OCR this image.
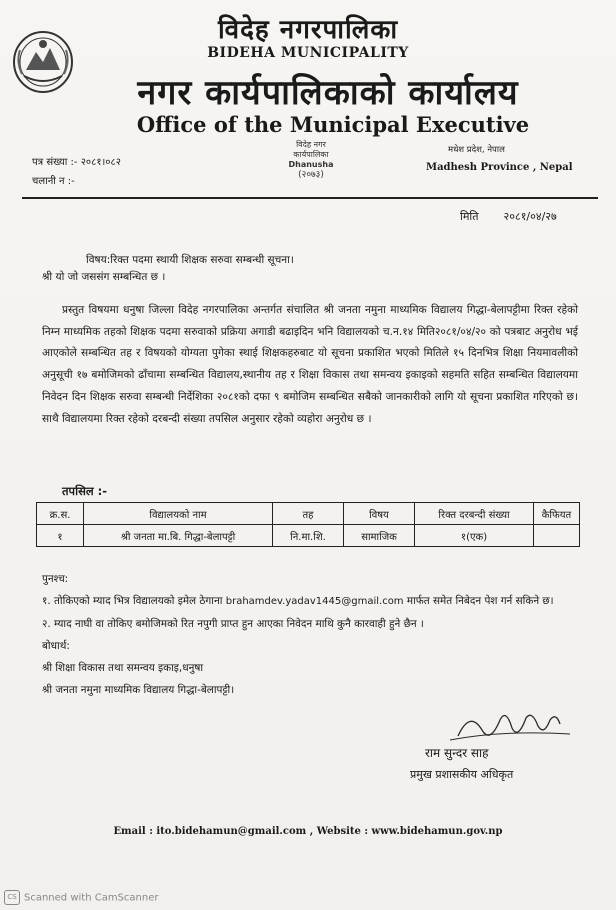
विदेह नगरपालिका
BIDEHA MUNICIPALITY
नगर कार्यपालिकाको कार्यालय
Office of the Municipal Executive
पत्र संख्या :- २०८१।०८२
चलानी न :-
विदेह नगर
कार्यपालिका
Dhanusha
(२०७३)
मधेश प्रदेश, नेपाल
Madhesh Province , Nepal
मिति २०८१/०४/२७
विषय:रिक्त पदमा स्थायी शिक्षक सरुवा सम्बन्धी सूचना।
श्री यो जो जससंग सम्बन्धित छ ।
प्रस्तुत विषयमा धनुषा जिल्ला विदेह नगरपालिका अन्तर्गत संचालित श्री जनता नमुना माध्यमिक विद्यालय गिद्धा-बेलापट्टीमा रिक्त रहेको निम्न माध्यमिक तहको शिक्षक पदमा सरुवाको प्रक्रिया अगाडी बढाइदिन भनि विद्यालयको च.न.१४ मिति२०८१/०४/२० को पत्रबाट अनुरोध भई आएकोले सम्बन्धित तह र विषयको योग्यता पुगेका स्थाई शिक्षकहरुबाट यो सूचना प्रकाशित भएको मितिले १५ दिनभित्र शिक्षा नियमावलीको अनुसूची १७ बमोजिमको ढाँचामा सम्बन्धित विद्यालय,स्थानीय तह र शिक्षा विकास तथा समन्वय इकाइको सहमति सहित सम्बन्धित विद्यालयमा निवेदन दिन शिक्षक सरुवा सम्बन्धी निर्देशिका २०८१को दफा ९ बमोजिम सम्बन्धित सबैको जानकारीको लागि यो सूचना प्रकाशित गरिएको छ। साथै विद्यालयमा रिक्त रहेको दरबन्दी संख्या तपसिल अनुसार रहेको व्यहोरा अनुरोध छ ।
तपसिल :-
क्र.स.	विद्यालयको नाम	तह	विषय	रिक्त दरबन्दी संख्या	कैफियत
१	श्री जनता मा.बि. गिद्धा-बेलापट्टी	नि.मा.शि.	सामाजिक	१(एक)	
पुनश्च:
१. तोकिएको म्याद भित्र विद्यालयको इमेल ठेगाना brahamdev.yadav1445@gmail.com मार्फत समेत निबेदन पेश गर्न सकिने छ।
२. म्याद नाघी वा तोकिए बमोजिमको रित नपुगी प्राप्त हुन आएका निवेदन माथि कुनै कारवाही हुने छैन ।
बोधार्थ:
श्री शिक्षा विकास तथा समन्वय इकाइ,धनुषा
श्री जनता नमुना माध्यमिक विद्यालय गिद्धा-बेलापट्टी।
राम सुन्दर साह
प्रमुख प्रशासकीय अधिकृत
Email : ito.bidehamun@gmail.com , Website : www.bidehamun.gov.np
CS Scanned with CamScanner
